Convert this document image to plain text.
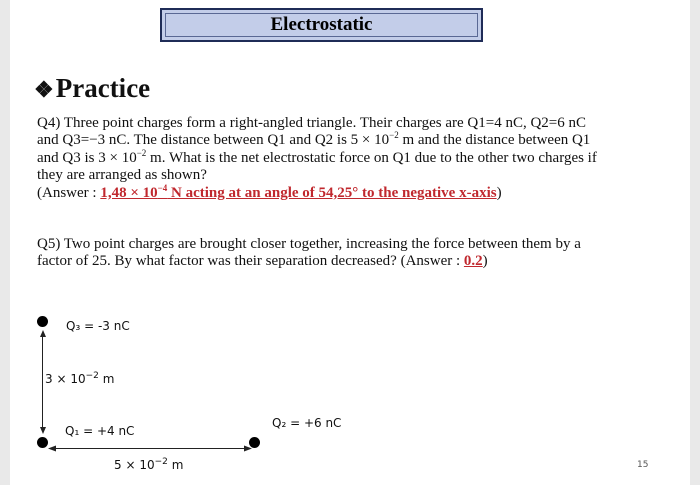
Electrostatic
❖Practice
Q4) Three point charges form a right-angled triangle. Their charges are Q1=4 nC, Q2=6 nC
and Q3=−3 nC. The distance between Q1 and Q2 is $5 \times 10^{-2}$ m and the distance between Q1
and Q3 is $3 \times 10^{-2}$ m. What is the net electrostatic force on Q1 due to the other two charges if
they are arranged as shown?
(Answer : $1,48 \times 10^{-4}$ N acting at an angle of 54,25° to the negative x-axis)
Q5) Two point charges are brought closer together, increasing the force between them by a
factor of 25. By what factor was their separation decreased? (Answer : 0.2)
Q₃ = -3 nC
$3 \times 10^{-2}$ m
Q₁ = +4 nC
Q₂ = +6 nC
$5 \times 10^{-2}$ m	15
